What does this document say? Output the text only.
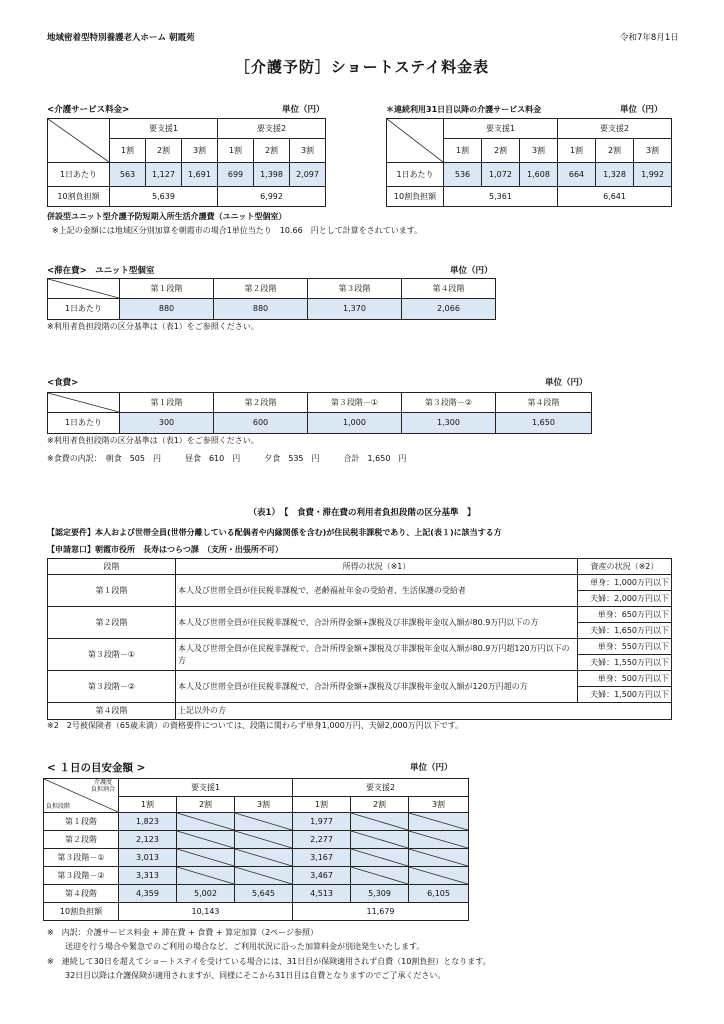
地域密着型特別養護老人ホーム 朝霞苑	令和7年8月1日
［介護予防］ショートステイ料金表
<介護サービス料金>	単位（円）
	要支援1			要支援2		
	1割	2割	3割	1割	2割	3割
1日あたり	563	1,127	1,691	699	1,398	2,097
10割負担額	5,639			6,992		
＊連続利用31日目以降の介護サービス料金	単位（円）
	要支援1			要支援2		
	1割	2割	3割	1割	2割	3割
1日あたり	536	1,072	1,608	664	1,328	1,992
10割負担額	5,361			6,641		
併設型ユニット型介護予防短期入所生活介護費（ユニット型個室）
※上記の金額には地域区分別加算を朝霞市の場合1単位当たり　10.66　円として計算をされています。
<滞在費>　ユニット型個室	単位（円）
	第１段階	第２段階	第３段階	第４段階
1日あたり	880	880	1,370	2,066
※利用者負担段階の区分基準は（表1）をご参照ください。
<食費>	単位（円）
	第１段階	第２段階	第３段階－①	第３段階－②	第４段階
1日あたり	300	600	1,000	1,300	1,650
※利用者負担段階の区分基準は（表1）をご参照ください。
※食費の内訳：　朝食　505　円　　　昼食　610　円　　　夕食　535　円　　　合計　1,650　円
（表1）　【　食費・滞在費の利用者負担段階の区分基準　】
【認定要件】本人および世帯全員(世帯分離している配偶者や内縁関係を含む)が住民税非課税であり、上記(表１)に該当する方
【申請窓口】朝霞市役所　長寿はつらつ課　（支所・出張所不可）
段階	所得の状況（※1）	資産の状況（※2）
第１段階	本人及び世帯全員が住民税非課税で、老齢福祉年金の受給者、生活保護の受給者	単身：1,000万円以下
		夫婦：2,000万円以下
第２段階	本人及び世帯全員が住民税非課税で、合計所得金額+課税及び非課税年金収入額が80.9万円以下の方	単身：650万円以下
		夫婦：1,650万円以下
第３段階－①	本人及び世帯全員が住民税非課税で、合計所得金額+課税及び非課税年金収入額が80.9万円超120万円以下の方	単身：550万円以下
		夫婦：1,550万円以下
第３段階－②	本人及び世帯全員が住民税非課税で、合計所得金額+課税及び非課税年金収入額が120万円超の方	単身：500万円以下
		夫婦：1,500万円以下
第４段階	上記以外の方	
※2　2号被保険者（65歳未満）の資格要件については、段階に関わらず単身1,000万円、夫婦2,000万円以下です。
< １日の目安金額 >	単位（円）
介護度
負担割合
負担段階	要支援1			要支援2		
	1割	2割	3割	1割	2割	3割
第１段階	1,823			1,977	

第２段階	2,123			2,277	

第３段階－①	3,013			3,167	

第３段階－②	3,313			3,467	

第４段階	4,359	5,002	5,645	4,513	5,309	6,105
10割負担額	10,143			11,679		
※　内訳：介護サービス料金 + 滞在費 + 食費 + 算定加算（2ページ参照）
送迎を行う場合や緊急でのご利用の場合など、ご利用状況に沿った加算料金が別途発生いたします。
※　連続して30日を超えてショートステイを受けている場合には、31日目が保険適用されず自費（10割負担）となります。
32日目以降は介護保険が適用されますが、同様にそこから31日目は自費となりますのでご了承ください。
